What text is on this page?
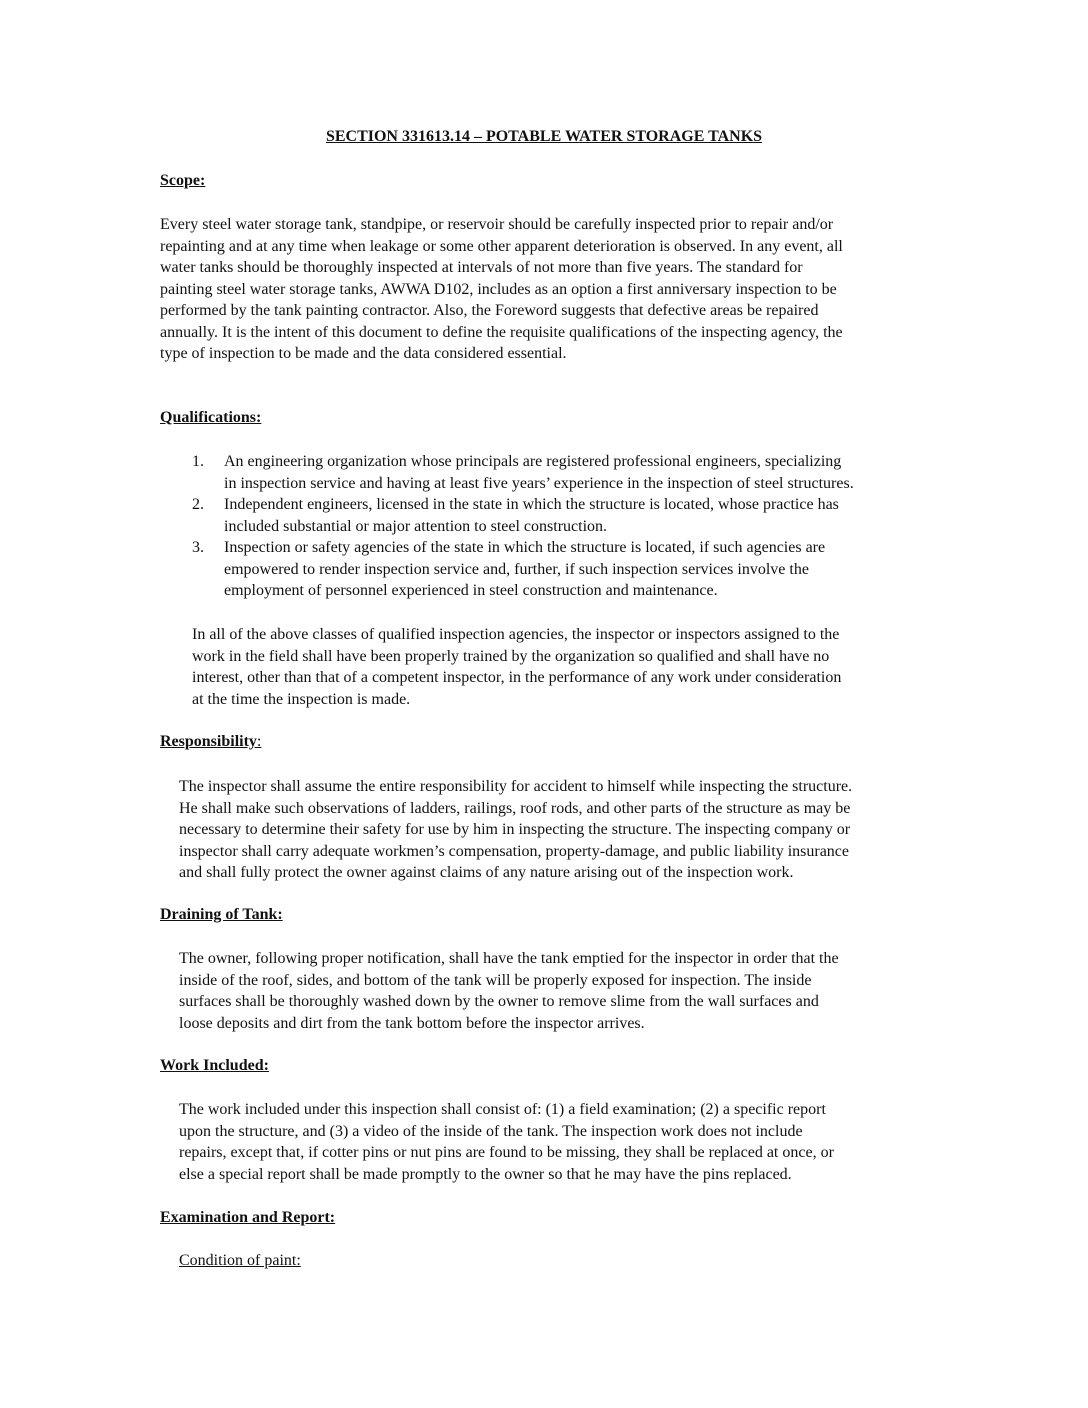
SECTION 331613.14 – POTABLE WATER STORAGE TANKS
Scope:
Every steel water storage tank, standpipe, or reservoir should be carefully inspected prior to repair and/or
repainting and at any time when leakage or some other apparent deterioration is observed. In any event, all
water tanks should be thoroughly inspected at intervals of not more than five years. The standard for
painting steel water storage tanks, AWWA D102, includes as an option a first anniversary inspection to be
performed by the tank painting contractor. Also, the Foreword suggests that defective areas be repaired
annually. It is the intent of this document to define the requisite qualifications of the inspecting agency, the
type of inspection to be made and the data considered essential.
Qualifications:
1. An engineering organization whose principals are registered professional engineers, specializing
in inspection service and having at least five years’ experience in the inspection of steel structures.
2. Independent engineers, licensed in the state in which the structure is located, whose practice has
included substantial or major attention to steel construction.
3. Inspection or safety agencies of the state in which the structure is located, if such agencies are
empowered to render inspection service and, further, if such inspection services involve the
employment of personnel experienced in steel construction and maintenance.
In all of the above classes of qualified inspection agencies, the inspector or inspectors assigned to the
work in the field shall have been properly trained by the organization so qualified and shall have no
interest, other than that of a competent inspector, in the performance of any work under consideration
at the time the inspection is made.
Responsibility:
The inspector shall assume the entire responsibility for accident to himself while inspecting the structure.
He shall make such observations of ladders, railings, roof rods, and other parts of the structure as may be
necessary to determine their safety for use by him in inspecting the structure. The inspecting company or
inspector shall carry adequate workmen’s compensation, property-damage, and public liability insurance
and shall fully protect the owner against claims of any nature arising out of the inspection work.
Draining of Tank:
The owner, following proper notification, shall have the tank emptied for the inspector in order that the
inside of the roof, sides, and bottom of the tank will be properly exposed for inspection. The inside
surfaces shall be thoroughly washed down by the owner to remove slime from the wall surfaces and
loose deposits and dirt from the tank bottom before the inspector arrives.
Work Included:
The work included under this inspection shall consist of: (1) a field examination; (2) a specific report
upon the structure, and (3) a video of the inside of the tank. The inspection work does not include
repairs, except that, if cotter pins or nut pins are found to be missing, they shall be replaced at once, or
else a special report shall be made promptly to the owner so that he may have the pins replaced.
Examination and Report:
Condition of paint:
